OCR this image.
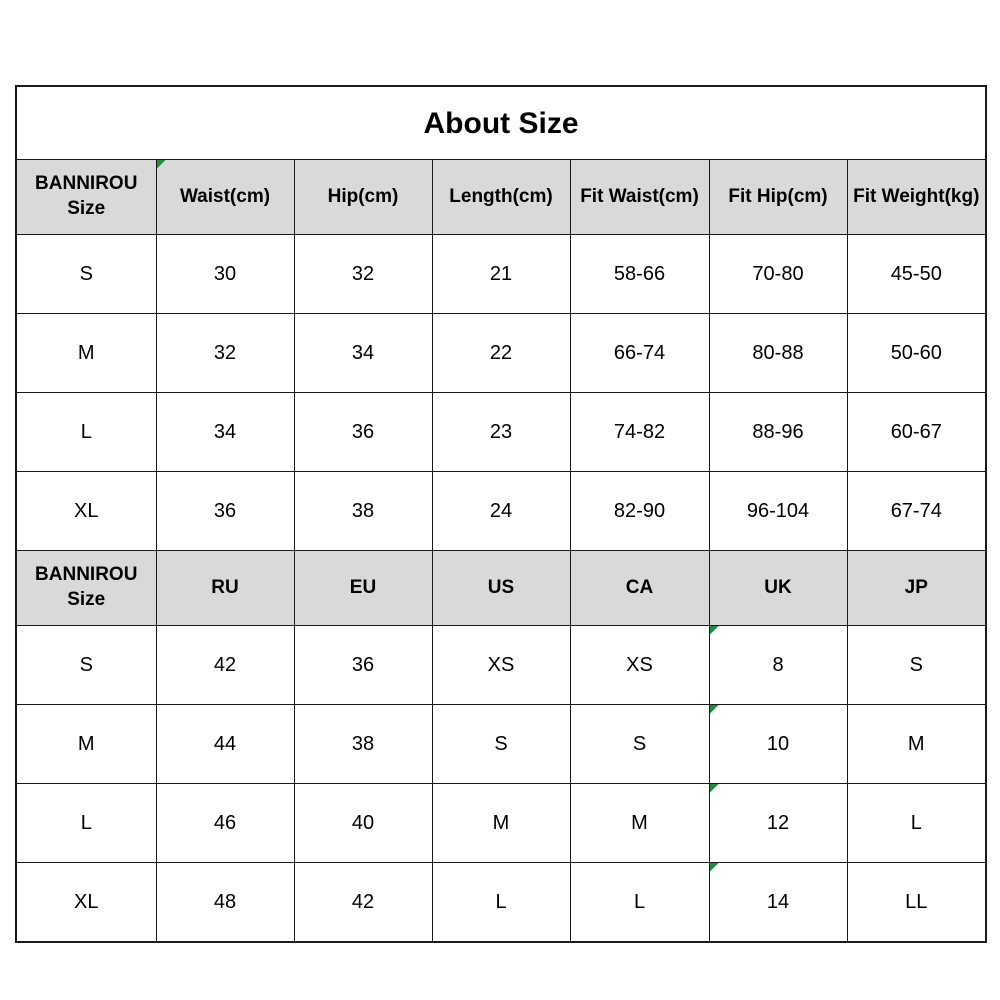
About Size						
BANNIROU Size	Waist(cm)	Hip(cm)	Length(cm)	Fit Waist(cm)	Fit Hip(cm)	Fit Weight(kg)
S	30	32	21	58-66	70-80	45-50
M	32	34	22	66-74	80-88	50-60
L	34	36	23	74-82	88-96	60-67
XL	36	38	24	82-90	96-104	67-74
BANNIROU Size	RU	EU	US	CA	UK	JP
S	42	36	XS	XS	8	S
M	44	38	S	S	10	M
L	46	40	M	M	12	L
XL	48	42	L	L	14	LL
